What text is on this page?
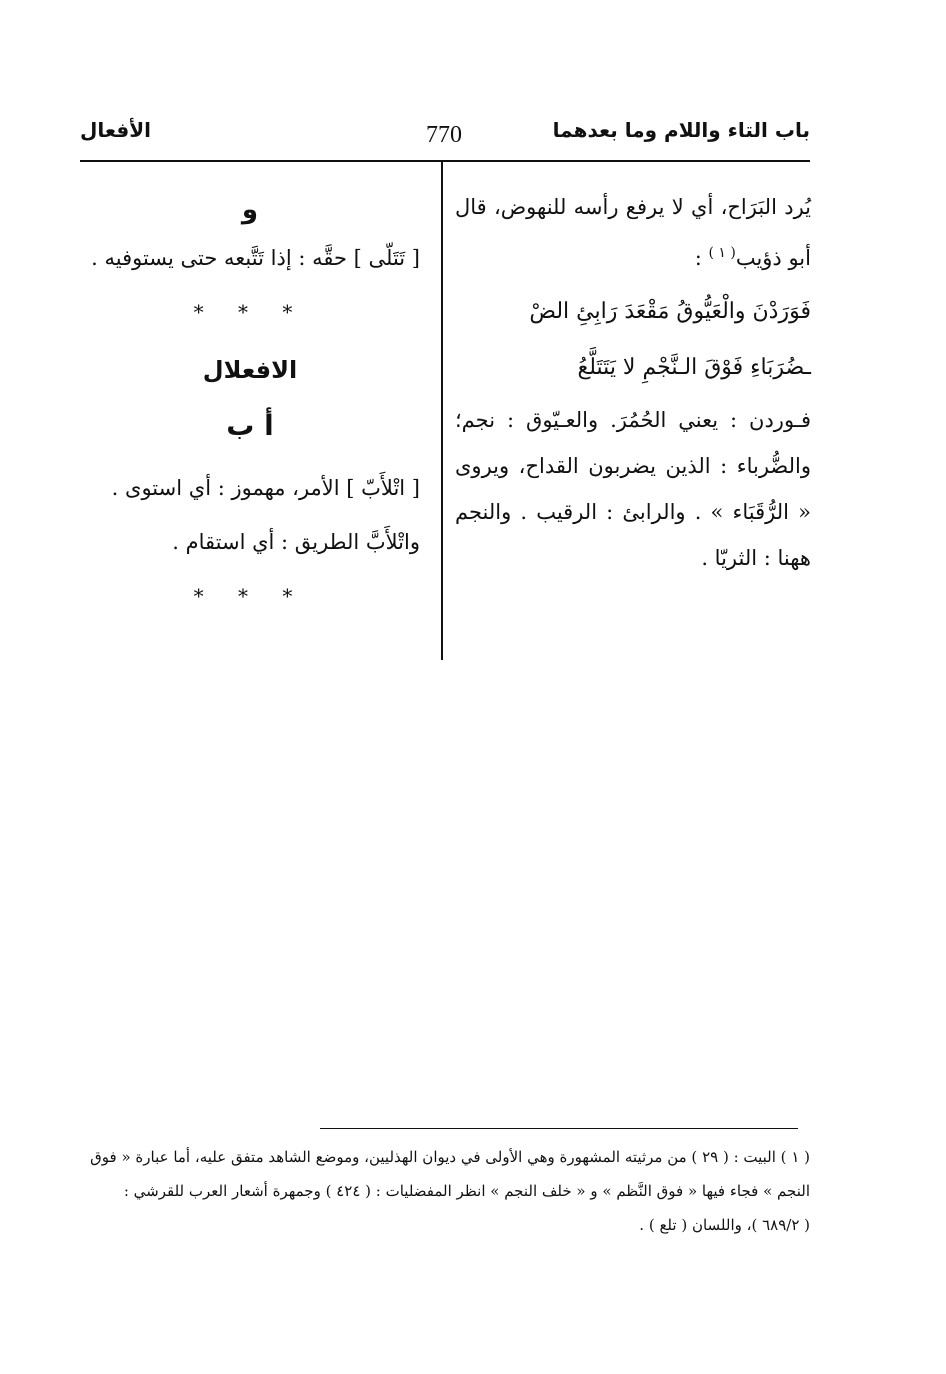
باب التاء واللام وما بعدهما
770
الأفعال

يُرد البَرَاح، أي لا يرفع رأسه للنهوض، قال أبو ذؤيب$^{( ١ )}$ :

فَوَرَدْنَ والْعَيُّوقُ مَقْعَدَ رَابِئِ الضْ

ـضُرَبَاءِ فَوْقَ الـنَّجْمِ لا يَتَتَلَّعُ

فـوردن : يعني الحُمُرَ. والعـيّوق : نجم؛ والضُّرباء : الذين يضربون القداح، ويروى « الرُّقَبَاء » . والرابئ : الرقيب . والنجم ههنا : الثريّا .

و

[ تَتَلّى ] حقَّه : إذا تَتَّبعه حتى يستوفيه .

* * *
الافعلال
أ ب

[ اتْلأَبّ ] الأمر، مهموز : أي استوى .

واتْلأَبَّ الطريق : أي استقام .

* * *

( ١ ) البيت : ( ٢٩ ) من مرثيته المشهورة وهي الأولى في ديوان الهذليين، وموضع الشاهد متفق عليه، أما عبارة « فوق

النجم » فجاء فيها « فوق النَّظم » و « خلف النجم » انظر المفضليات : ( ٤٢٤ ) وجمهرة أشعار العرب للقرشي :

( ٦٨٩/٢ )، واللسان ( تلع ) .
